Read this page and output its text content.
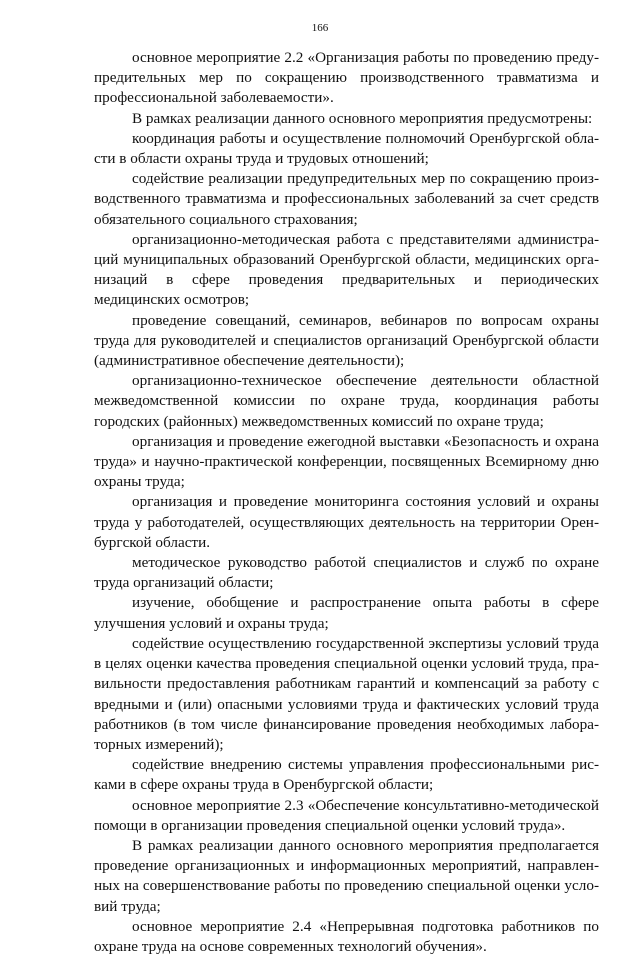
166

основное мероприятие 2.2 «Организация работы по проведению предупредительных мер по сокращению производственного травматизма и профессиональной заболеваемости».

В рамках реализации данного основного мероприятия предусмотрены:

координация работы и осуществление полномочий Оренбургской области в области охраны труда и трудовых отношений;

содействие реализации предупредительных мер по сокращению производственного травматизма и профессиональных заболеваний за счет средств обязательного социального страхования;

организационно-методическая работа с представителями администраций муниципальных образований Оренбургской области, медицинских организаций в сфере проведения предварительных и периодических медицинских осмотров;

проведение совещаний, семинаров, вебинаров по вопросам охраны труда для руководителей и специалистов организаций Оренбургской области (административное обеспечение деятельности);

организационно-техническое обеспечение деятельности областной межведомственной комиссии по охране труда, координация работы городских (районных) межведомственных комиссий по охране труда;

организация и проведение ежегодной выставки «Безопасность и охрана труда» и научно-практической конференции, посвященных Всемирному дню охраны труда;

организация и проведение мониторинга состояния условий и охраны труда у работодателей, осуществляющих деятельность на территории Оренбургской области.

методическое руководство работой специалистов и служб по охране труда организаций области;

изучение, обобщение и распространение опыта работы в сфере улучшения условий и охраны труда;

содействие осуществлению государственной экспертизы условий труда в целях оценки качества проведения специальной оценки условий труда, правильности предоставления работникам гарантий и компенсаций за работу с вредными и (или) опасными условиями труда и фактических условий труда работников (в том числе финансирование проведения необходимых лабораторных измерений);

содействие внедрению системы управления профессиональными рисками в сфере охраны труда в Оренбургской области;

основное мероприятие 2.3 «Обеспечение консультативно-методической помощи в организации проведения специальной оценки условий труда».

В рамках реализации данного основного мероприятия предполагается проведение организационных и информационных мероприятий, направленных на совершенствование работы по проведению специальной оценки условий труда;

основное мероприятие 2.4 «Непрерывная подготовка работников по охране труда на основе современных технологий обучения».
